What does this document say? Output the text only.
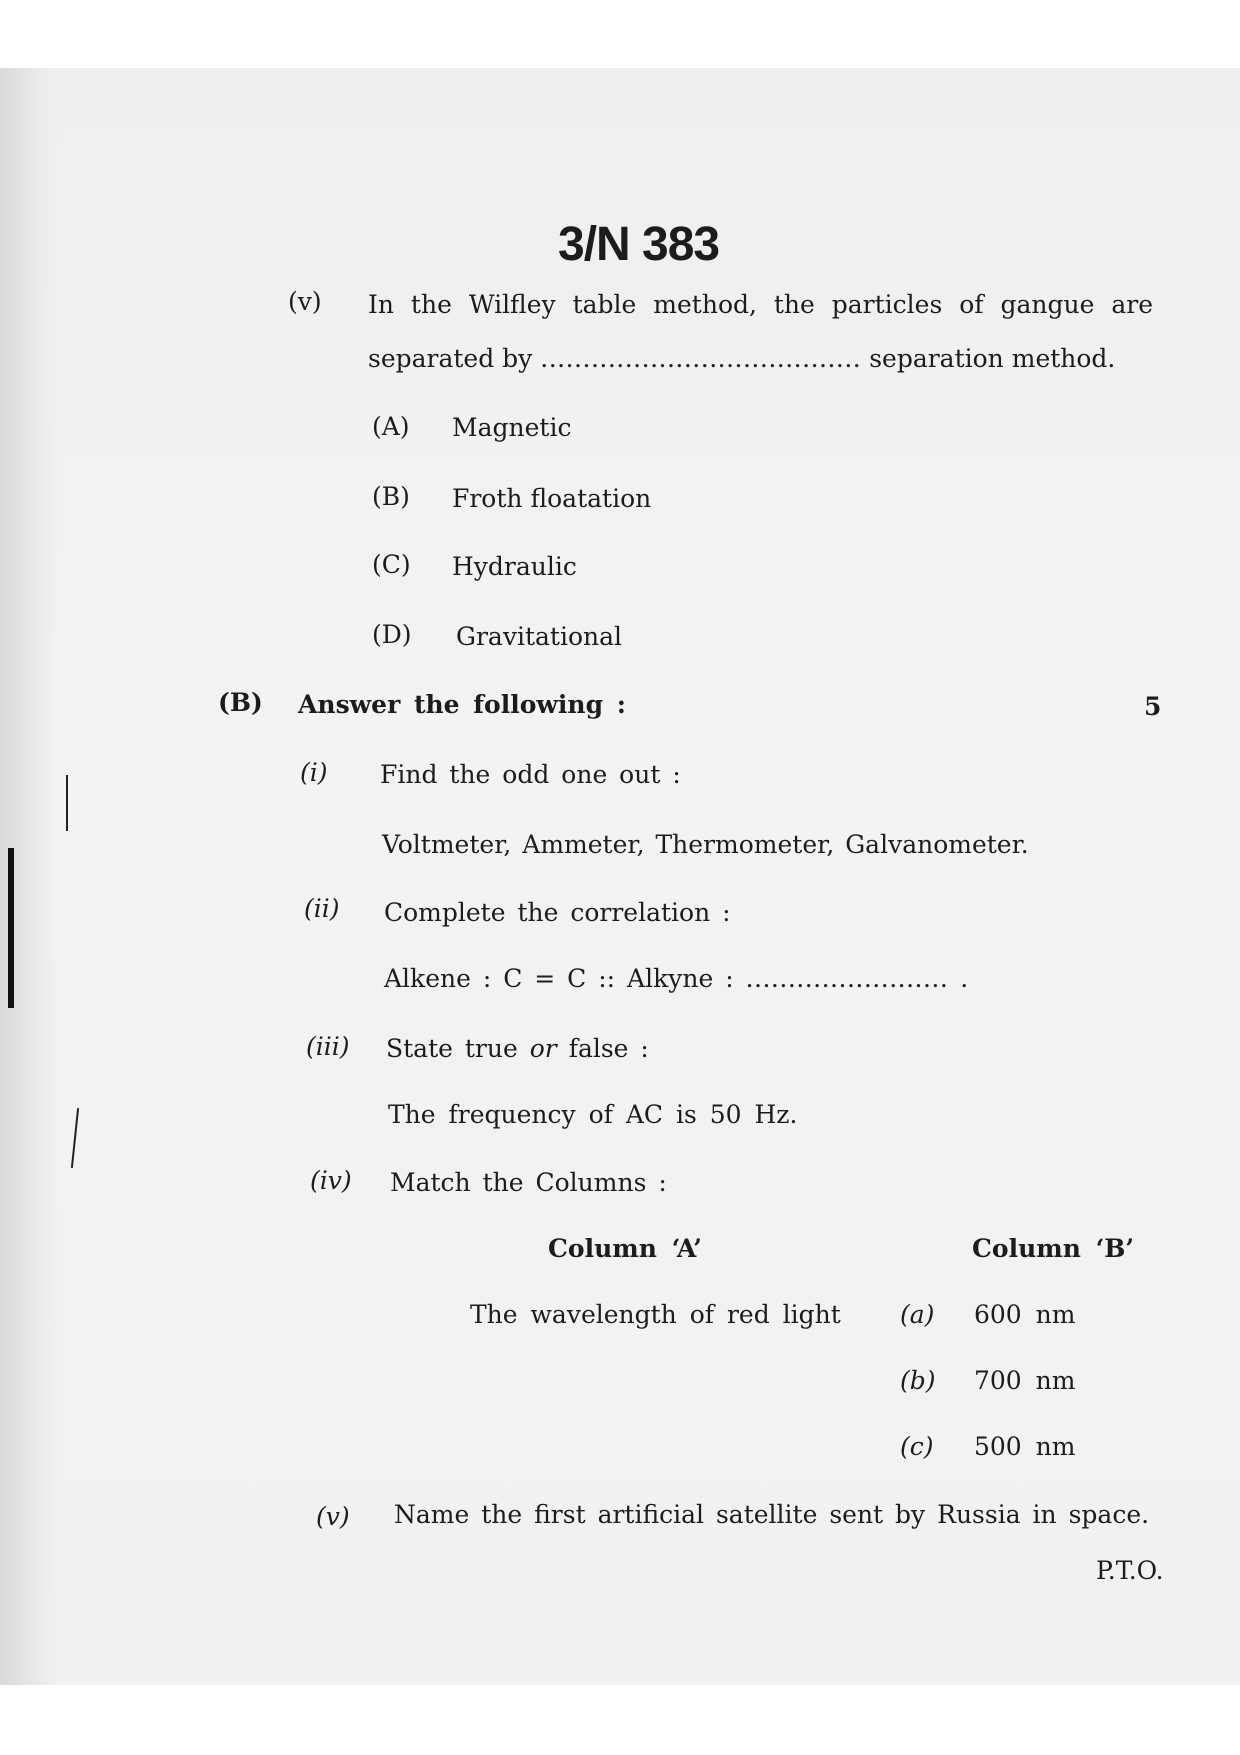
3/N 383
(v) In the Wilfley table method, the particles of gangue are
separated by ...................................... separation method.
(A) Magnetic
(B) Froth floatation
(C) Hydraulic
(D) Gravitational
(B) Answer the following :	5
(i) Find the odd one out :
Voltmeter, Ammeter, Thermometer, Galvanometer.
(ii) Complete the correlation :
Alkene : C = C :: Alkyne : ........................ .
(iii) State true or false :
The frequency of AC is 50 Hz.
(iv) Match the Columns :
Column ‘A’	Column ‘B’
The wavelength of red light (a) 600 nm
(b) 700 nm
(c) 500 nm
(v) Name the first artificial satellite sent by Russia in space.
P.T.O.
